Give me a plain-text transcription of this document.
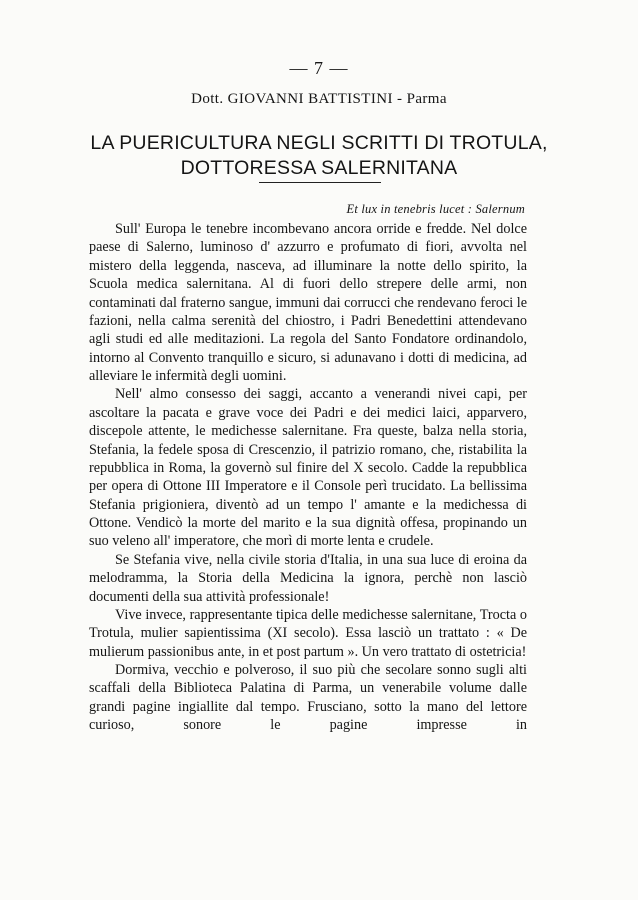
— 7 —
Dott. GIOVANNI BATTISTINI - Parma
LA PUERICULTURA NEGLI SCRITTI DI TROTULA,
DOTTORESSA SALERNITANA
Et lux in tenebris lucet : Salernum

Sull' Europa le tenebre incombevano ancora orride e fredde. Nel dolce paese di Salerno, luminoso d' azzurro e profumato di fiori, avvolta nel mistero della leggenda, nasceva, ad illuminare la notte dello spirito, la Scuola medica salernitana. Al di fuori dello strepere delle armi, non contaminati dal fraterno sangue, immuni dai corrucci che rendevano feroci le fazioni, nella calma serenità del chiostro, i Padri Benedettini attendevano agli studi ed alle meditazioni. La regola del Santo Fondatore ordinandolo, intorno al Convento tranquillo e sicuro, si adunavano i dotti di medicina, ad alleviare le infermità degli uomini.

Nell' almo consesso dei saggi, accanto a venerandi nivei capi, per ascoltare la pacata e grave voce dei Padri e dei medici laici, apparvero, discepole attente, le medichesse salernitane. Fra queste, balza nella storia, Stefania, la fedele sposa di Crescenzio, il patrizio romano, che, ristabilita la repubblica in Roma, la governò sul finire del X secolo. Cadde la repubblica per opera di Ottone III Imperatore e il Console perì trucidato. La bellissima Stefania prigioniera, diventò ad un tempo l' amante e la medichessa di Ottone. Vendicò la morte del marito e la sua dignità offesa, propinando un suo veleno all' imperatore, che morì di morte lenta e crudele.

Se Stefania vive, nella civile storia d'Italia, in una sua luce di eroina da melodramma, la Storia della Medicina la ignora, perchè non lasciò documenti della sua attività professionale!

Vive invece, rappresentante tipica delle medichesse salernitane, Trocta o Trotula, mulier sapientissima (XI secolo). Essa lasciò un trattato : « De mulierum passionibus ante, in et post partum ». Un vero trattato di ostetricia!

Dormiva, vecchio e polveroso, il suo più che secolare sonno sugli alti scaffali della Biblioteca Palatina di Parma, un venerabile volume dalle grandi pagine ingiallite dal tempo. Frusciano, sotto la mano del lettore curioso, sonore le pagine impresse in
